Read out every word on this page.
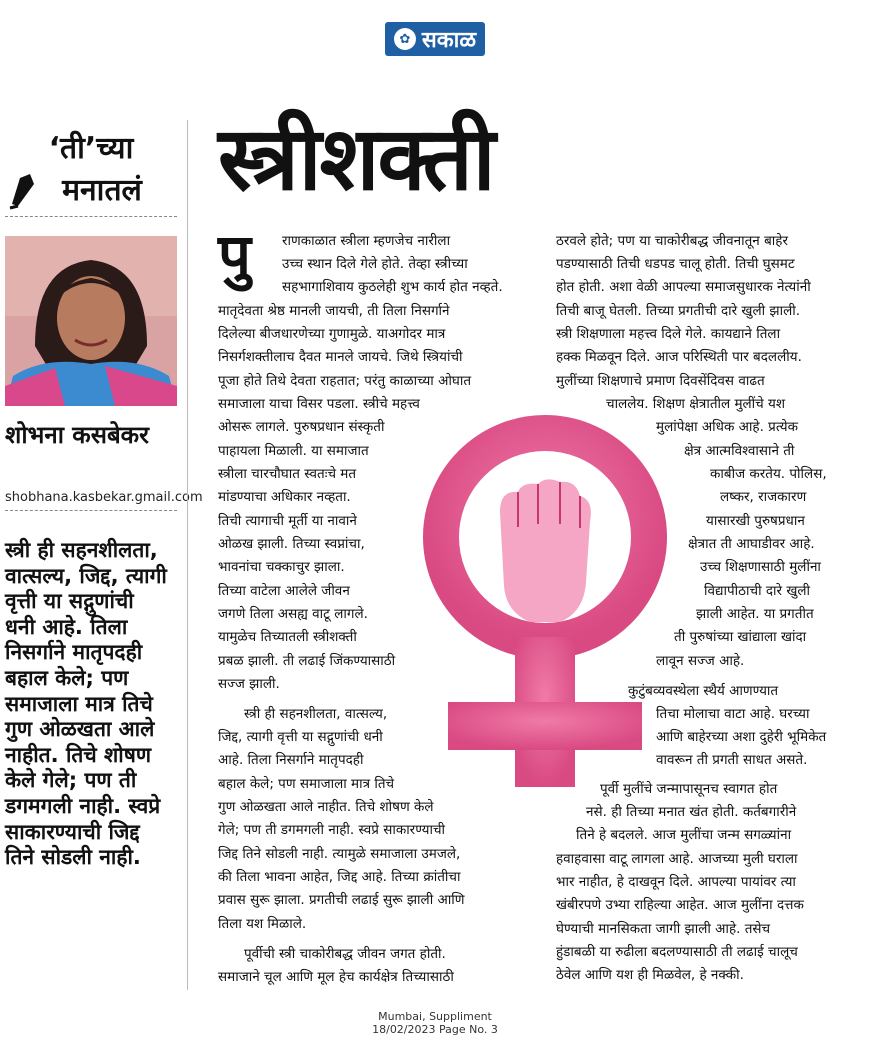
✿ सकाळ
‘ती’च्या
मनातलं
शोभना कसबेकर
shobhana.kasbekar.gmail.com
स्त्री ही सहनशीलता,
वात्सल्य, जिद्द, त्यागी
वृत्ती या सद्गुणांची
धनी आहे. तिला
निसर्गाने मातृपदही
बहाल केले; पण
समाजाला मात्र तिचे
गुण ओळखता आले
नाहीत. तिचे शोषण
केले गेले; पण ती
डगमगली नाही. स्वप्रे
साकारण्याची जिद्द
तिने सोडली नाही.
स्त्रीशक्ती
पु राणकाळात स्त्रीला म्हणजेच नारीला
उच्च स्थान दिले गेले होते. तेव्हा स्त्रीच्या
सहभागाशिवाय कुठलेही शुभ कार्य होत नव्हते.
मातृदेवता श्रेष्ठ मानली जायची, ती तिला निसर्गाने
दिलेल्या बीजधारणेच्या गुणामुळे. याअगोदर मात्र
निसर्गशक्तीलाच दैवत मानले जायचे. जिथे स्त्रियांची
पूजा होते तिथे देवता राहतात; परंतु काळाच्या ओघात
समाजाला याचा विसर पडला. स्त्रीचे महत्त्व
ओसरू लागले. पुरुषप्रधान संस्कृती
पाहायला मिळाली. या समाजात
स्त्रीला चारचौघात स्वतःचे मत
मांडण्याचा अधिकार नव्हता.
तिची त्यागाची मूर्ती या नावाने
ओळख झाली. तिच्या स्वप्नांचा,
भावनांचा चक्काचुर झाला.
तिच्या वाटेला आलेले जीवन
जगणे तिला असह्य वाटू लागले.
यामुळेच तिच्यातली स्त्रीशक्ती
प्रबळ झाली. ती लढाई जिंकण्यासाठी
सज्ज झाली.
स्त्री ही सहनशीलता, वात्सल्य,
जिद्द, त्यागी वृत्ती या सद्गुणांची धनी
आहे. तिला निसर्गाने मातृपदही
बहाल केले; पण समाजाला मात्र तिचे
गुण ओळखता आले नाहीत. तिचे शोषण केले
गेले; पण ती डगमगली नाही. स्वप्रे साकारण्याची
जिद्द तिने सोडली नाही. त्यामुळे समाजाला उमजले,
की तिला भावना आहेत, जिद्द आहे. तिच्या क्रांतीचा
प्रवास सुरू झाला. प्रगतीची लढाई सुरू झाली आणि
तिला यश मिळाले.
पूर्वीची स्त्री चाकोरीबद्ध जीवन जगत होती.
समाजाने चूल आणि मूल हेच कार्यक्षेत्र तिच्यासाठी
ठरवले होते; पण या चाकोरीबद्ध जीवनातून बाहेर
पडण्यासाठी तिची धडपड चालू होती. तिची घुसमट
होत होती. अशा वेळी आपल्या समाजसुधारक नेत्यांनी
तिची बाजू घेतली. तिच्या प्रगतीची दारे खुली झाली.
स्त्री शिक्षणाला महत्त्व दिले गेले. कायद्याने तिला
हक्क मिळवून दिले. आज परिस्थिती पार बदललीय.
मुलींच्या शिक्षणाचे प्रमाण दिवसेंदिवस वाढत
चाललेय. शिक्षण क्षेत्रातील मुलींचे यश
मुलांपेक्षा अधिक आहे. प्रत्येक
क्षेत्र आत्मविश्वासाने ती
काबीज करतेय. पोलिस,
लष्कर, राजकारण
यासारखी पुरुषप्रधान
क्षेत्रात ती आघाडीवर आहे.
उच्च शिक्षणासाठी मुलींना
विद्यापीठाची दारे खुली
झाली आहेत. या प्रगतीत
ती पुरुषांच्या खांद्याला खांदा
लावून सज्ज आहे.
कुटुंबव्यवस्थेला स्थैर्य आणण्यात
तिचा मोलाचा वाटा आहे. घरच्या
आणि बाहेरच्या अशा दुहेरी भूमिकेत
वावरून ती प्रगती साधत असते.
पूर्वी मुलींचे जन्मापासूनच स्वागत होत
नसे. ही तिच्या मनात खंत होती. कर्तबगारीने
तिने हे बदलले. आज मुलींचा जन्म सगळ्यांना
हवाहवासा वाटू लागला आहे. आजच्या मुली घराला
भार नाहीत, हे दाखवून दिले. आपल्या पायांवर त्या
खंबीरपणे उभ्या राहिल्या आहेत. आज मुलींना दत्तक
घेण्याची मानसिकता जागी झाली आहे. तसेच
हुंडाबळी या रुढीला बदलण्यासाठी ती लढाई चालूच
ठेवेल आणि यश ही मिळवेल, हे नक्की.
Mumbai, Suppliment
18/02/2023 Page No. 3
